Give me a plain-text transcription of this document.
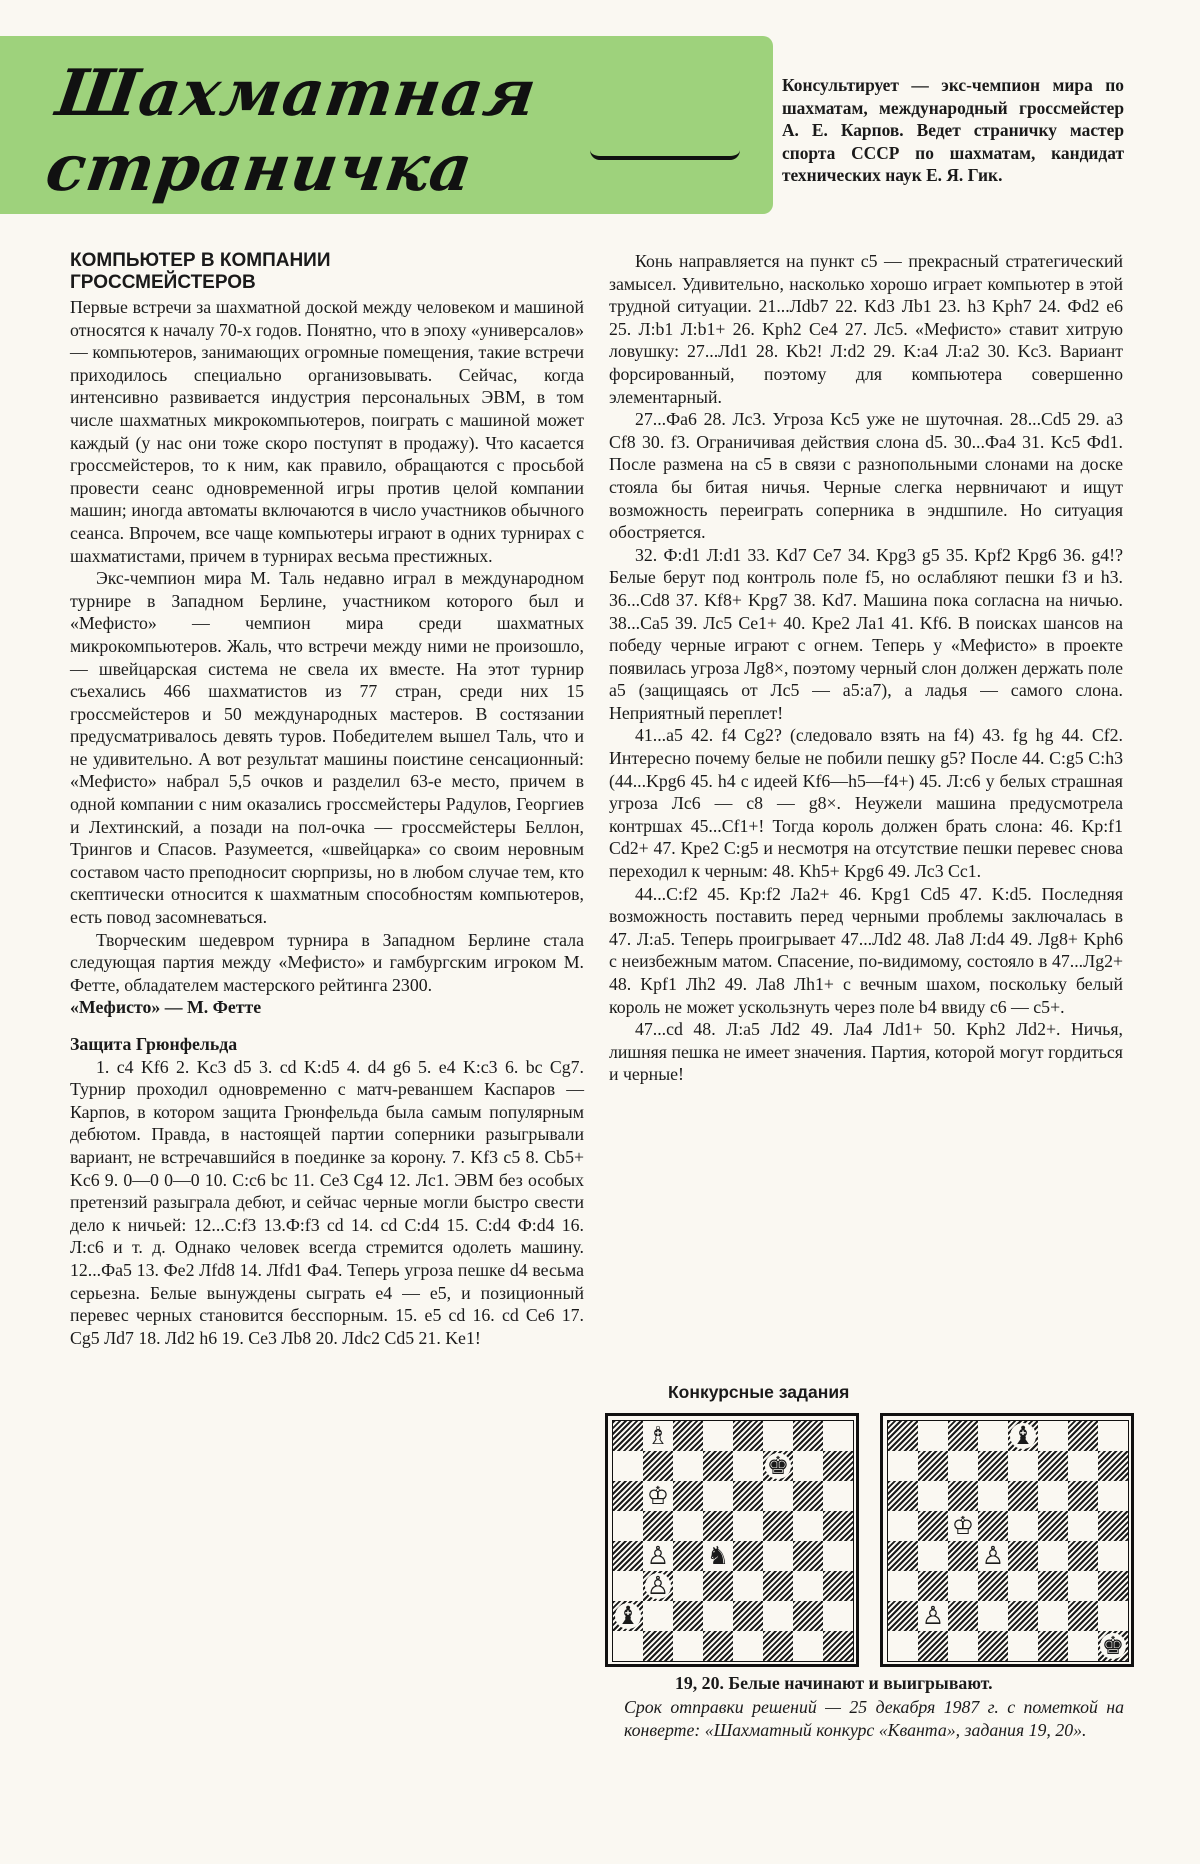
Шахматная страничка
Консультирует — экс-чемпион мира по шахматам, международный гроссмейстер А. Е. Карпов. Ведет страничку мастер спорта СССР по шахматам, кандидат технических наук Е. Я. Гик.
КОМПЬЮТЕР В КОМПАНИИ
ГРОССМЕЙСТЕРОВ

Первые встречи за шахматной доской между человеком и машиной относятся к началу 70-х годов. Понятно, что в эпоху «универсалов» — компьютеров, занимающих огромные помещения, такие встречи приходилось специально организовывать. Сейчас, когда интенсивно развивается индустрия персональных ЭВМ, в том числе шахматных микрокомпьютеров, поиграть с машиной может каждый (у нас они тоже скоро поступят в продажу). Что касается гроссмейстеров, то к ним, как правило, обращаются с просьбой провести сеанс одновременной игры против целой компании машин; иногда автоматы включаются в число участников обычного сеанса. Впрочем, все чаще компьютеры играют в одних турнирах с шахматистами, причем в турнирах весьма престижных.

Экс-чемпион мира М. Таль недавно играл в международном турнире в Западном Берлине, участником которого был и «Мефисто» — чемпион мира среди шахматных микрокомпьютеров. Жаль, что встречи между ними не произошло,— швейцарская система не свела их вместе. На этот турнир съехались 466 шахматистов из 77 стран, среди них 15 гроссмейстеров и 50 международных мастеров. В состязании предусматривалось девять туров. Победителем вышел Таль, что и не удивительно. А вот результат машины поистине сенсационный: «Мефисто» набрал 5,5 очков и разделил 63-е место, причем в одной компании с ним оказались гроссмейстеры Радулов, Георгиев и Лехтинский, а позади на пол-очка — гроссмейстеры Беллон, Трингов и Спасов. Разумеется, «швейцарка» со своим неровным составом часто преподносит сюрпризы, но в любом случае тем, кто скептически относится к шахматным способностям компьютеров, есть повод засомневаться.

Творческим шедевром турнира в Западном Берлине стала следующая партия между «Мефисто» и гамбургским игроком М. Фетте, обладателем мастерского рейтинга 2300.

«Мефисто» — М. Фетте

Защита Грюнфельда

1. c4 Kf6 2. Kc3 d5 3. cd K:d5 4. d4 g6 5. e4 K:c3 6. bc Cg7. Турнир проходил одновременно с матч-реваншем Каспаров — Карпов, в котором защита Грюнфельда была самым популярным дебютом. Правда, в настоящей партии соперники разыгрывали вариант, не встречавшийся в поединке за корону. 7. Kf3 c5 8. Cb5+ Kc6 9. 0—0 0—0 10. C:c6 bc 11. Ce3 Cg4 12. Лc1. ЭВМ без особых претензий разыграла дебют, и сейчас черные могли быстро свести дело к ничьей: 12...C:f3 13.Ф:f3 cd 14. cd C:d4 15. C:d4 Ф:d4 16. Л:c6 и т. д. Однако человек всегда стремится одолеть машину. 12...Фa5 13. Фe2 Лfd8 14. Лfd1 Фa4. Теперь угроза пешке d4 весьма серьезна. Белые вынуждены сыграть e4 — e5, и позиционный перевес черных становится бесспорным. 15. e5 cd 16. cd Ce6 17. Cg5 Лd7 18. Лd2 h6 19. Ce3 Лb8 20. Лdc2 Cd5 21. Ke1!

Конь направляется на пункт c5 — прекрасный стратегический замысел. Удивительно, насколько хорошо играет компьютер в этой трудной ситуации. 21...Лdb7 22. Kd3 Лb1 23. h3 Kph7 24. Фd2 e6 25. Л:b1 Л:b1+ 26. Kph2 Ce4 27. Лc5. «Мефисто» ставит хитрую ловушку: 27...Лd1 28. Kb2! Л:d2 29. K:a4 Л:a2 30. Kc3. Вариант форсированный, поэтому для компьютера совершенно элементарный.

27...Фa6 28. Лc3. Угроза Kc5 уже не шуточная. 28...Cd5 29. a3 Cf8 30. f3. Ограничивая действия слона d5. 30...Фa4 31. Kc5 Фd1. После размена на c5 в связи с разнопольными слонами на доске стояла бы битая ничья. Черные слегка нервничают и ищут возможность переиграть соперника в эндшпиле. Но ситуация обостряется.

32. Ф:d1 Л:d1 33. Kd7 Ce7 34. Kpg3 g5 35. Kpf2 Kpg6 36. g4!? Белые берут под контроль поле f5, но ослабляют пешки f3 и h3. 36...Cd8 37. Kf8+ Kpg7 38. Kd7. Машина пока согласна на ничью. 38...Ca5 39. Лc5 Ce1+ 40. Kpe2 Лa1 41. Kf6. В поисках шансов на победу черные играют с огнем. Теперь у «Мефисто» в проекте появилась угроза Лg8×, поэтому черный слон должен держать поле a5 (защищаясь от Лc5 — a5:a7), а ладья — самого слона. Неприятный переплет!

41...a5 42. f4 Cg2? (следовало взять на f4) 43. fg hg 44. Cf2. Интересно почему белые не побили пешку g5? После 44. C:g5 C:h3 (44...Kpg6 45. h4 с идеей Kf6—h5—f4+) 45. Л:c6 у белых страшная угроза Лc6 — c8 — g8×. Неужели машина предусмотрела контршах 45...Cf1+! Тогда король должен брать слона: 46. Kp:f1 Cd2+ 47. Kpe2 C:g5 и несмотря на отсутствие пешки перевес снова переходил к черным: 48. Kh5+ Kpg6 49. Лc3 Cc1.

44...C:f2 45. Kp:f2 Лa2+ 46. Kpg1 Cd5 47. K:d5. Последняя возможность поставить перед черными проблемы заключалась в 47. Л:a5. Теперь проигрывает 47...Лd2 48. Лa8 Л:d4 49. Лg8+ Kph6 с неизбежным матом. Спасение, по-видимому, состояло в 47...Лg2+ 48. Kpf1 Лh2 49. Лa8 Лh1+ с вечным шахом, поскольку белый король не может ускользнуть через поле b4 ввиду c6 — c5+.

47...cd 48. Л:a5 Лd2 49. Лa4 Лd1+ 50. Kph2 Лd2+. Ничья, лишняя пешка не имеет значения. Партия, которой могут гордиться и черные!

Конкурсные задания
♗
♚
♔
♙ ♞
♙
♝
♝
♔
♙
♙
♚
19, 20. Белые начинают и выигрывают.
Срок отправки решений — 25 декабря 1987 г. с пометкой на конверте: «Шахматный конкурс «Кванта», задания 19, 20».
